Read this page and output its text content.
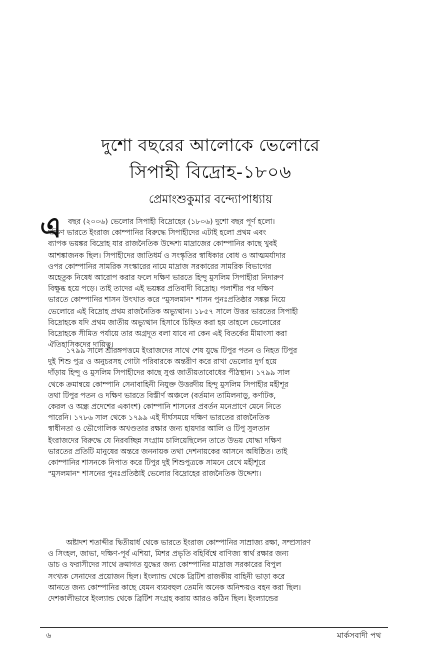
দুশো বছরের আলোকে ভেলোরে
সিপাহী বিদ্রোহ-১৮০৬
প্রেমাংশুকুমার বন্দ্যোপাধ্যায়
এ বছর (২০০৬) ভেলোর সিপাহী বিদ্রোহের (১৮০৬) দুশো বছর পূর্ণ হলো।
দক্ষিণ ভারতে ইংরাজ কোম্পানির বিরুদ্ধে সিপাহীদের এটাই হলো প্রথম এবং
ব্যাপক ভয়ঙ্কর বিদ্রোহ যার রাজনৈতিক উদ্দেশ্য মাদ্রাজের কোম্পানির কাছে খুবই
আশঙ্কাজনক ছিল। সিপাহীদের জাতিধর্ম ও সংস্কৃতির স্বাধিকার বোধ ও আত্মমর্যাদার
ওপর কোম্পানির সামরিক সংস্কারের নামে মাদ্রাজ সরকারের সামরিক বিভাগের
অহেতুক নিষেধ আরোপ করার ফলে দক্ষিণ ভারতে হিন্দু মুসলিম সিপাহীরা নিদারুণ
বিক্ষুব্ধ হয়ে পড়ে। তাই তাদের এই ভয়ঙ্কর প্রতিবাদী বিদ্রোহ। পলাশীর পর দক্ষিণ
ভারতে কোম্পানির শাসন উৎখাত করে "মুসলমান" শাসন পুনঃপ্রতিষ্ঠার সঙ্কল্প নিয়ে
ভেলোরে এই বিদ্রোহ প্রথম রাজনৈতিক অভ্যুত্থান। ১৮৫৭ সালে উত্তর ভারতের সিপাহী
বিদ্রোহকে যদি প্রথম জাতীয় অভ্যুত্থান হিসাবে চিহ্নিত করা হয় তাহলে ভেলোরের
বিদ্রোহকে সীমিত পর্যায়ে তার অগ্রদূত বলা যাবে না কেন এই বিতর্কের মীমাংসা করা
ঐতিহাসিকদের দায়িত্ব।
১৭৯৯ সালে শ্রীরঙ্গপত্তমে ইংরাজদের সাথে শেষ যুদ্ধে টিপুর পতন ও নিহত টিপুর
দুই শিশু পুত্র ও অনুচরসহ গোটা পরিবারকে অন্তরীণ করে রাখা ভেলোর দুর্গ হয়ে
দাঁড়ায় হিন্দু ও মুসলিম সিপাহীদের কাছে সুপ্ত জাতীয়তাবোধের পীঠস্থান। ১৭৯৯ সাল
থেকে ক্রমান্বয়ে কোম্পানি সেনাবাহিনী নিযুক্ত উত্তরদীয় হিন্দু মুসলিম সিপাহীর মহীশূর
তথা টিপুর পতন ও দক্ষিণ ভারতে বিস্তীর্ণ অঞ্চলে (বর্তমান তামিলনাড়ু, কর্ণাটক,
কেরল ও অন্ধ্র প্রদেশের একাংশ) কোম্পানি শাসনের প্রবর্তন মনেপ্রাণে মেনে নিতে
পারেনি। ১৭৮৬ সাল থেকে ১৭৯৯ এই দীর্ঘসময়ে দক্ষিণ ভারতের রাজনৈতিক
স্বাধীনতা ও ভৌগোলিক অখণ্ডতার রক্ষার জন্য হায়দার আলি ও টিপু সুলতান
ইংরাজদের বিরুদ্ধে যে নিরবচ্ছিন্ন সংগ্রাম চালিয়েছিলেন তাতে উভয় যোদ্ধা দক্ষিণ
ভারতের প্রতিটি মানুষের অন্তরে জননায়ক তথা দেশনায়কের আসনে অধিষ্ঠিত। তাই
কোম্পানির শাসনকে নিপাত করে টিপুর দুই শিশুপুত্রকে সামনে রেখে মহীশূরে
"মুসলমান" শাসনের পুনঃপ্রতিষ্ঠাই ভেলোর বিদ্রোহের রাজনৈতিক উদ্দেশ্য।
অষ্টাদশ শতাব্দীর দ্বিতীয়ার্ধ থেকে ভারতে ইংরাজ কোম্পানির সাম্রাজ্য রক্ষা, সম্প্রসারণ
ও সিংহল, জাভা, দক্ষিণ-পূর্ব এশিয়া, মিশর প্রভৃতি বহির্বিশ্বে বাণিজ্য স্বার্থ রক্ষার জন্য
ডাচ ও ফরাসীদের সাথে ক্রমাগত যুদ্ধের জন্য কোম্পানির মাদ্রাজ সরকারের বিপুল
সংখ্যক সেনাদের প্রয়োজন ছিল। ইংল্যান্ড থেকে ব্রিটিশ রাজকীয় বাহিনী ভাড়া করে
আনতে জন্য কোম্পানির কাছে যেমন ব্যয়বহুল তেমনি অনেক অনিশ্চয়ও বহন করা ছিল।
দেশকালীভাবে ইংল্যান্ড থেকে ব্রিটিশ সংগ্রহ করায় আরও কঠিন ছিল। ইংল্যান্ডের
৬	মার্কসবাদী পথ
